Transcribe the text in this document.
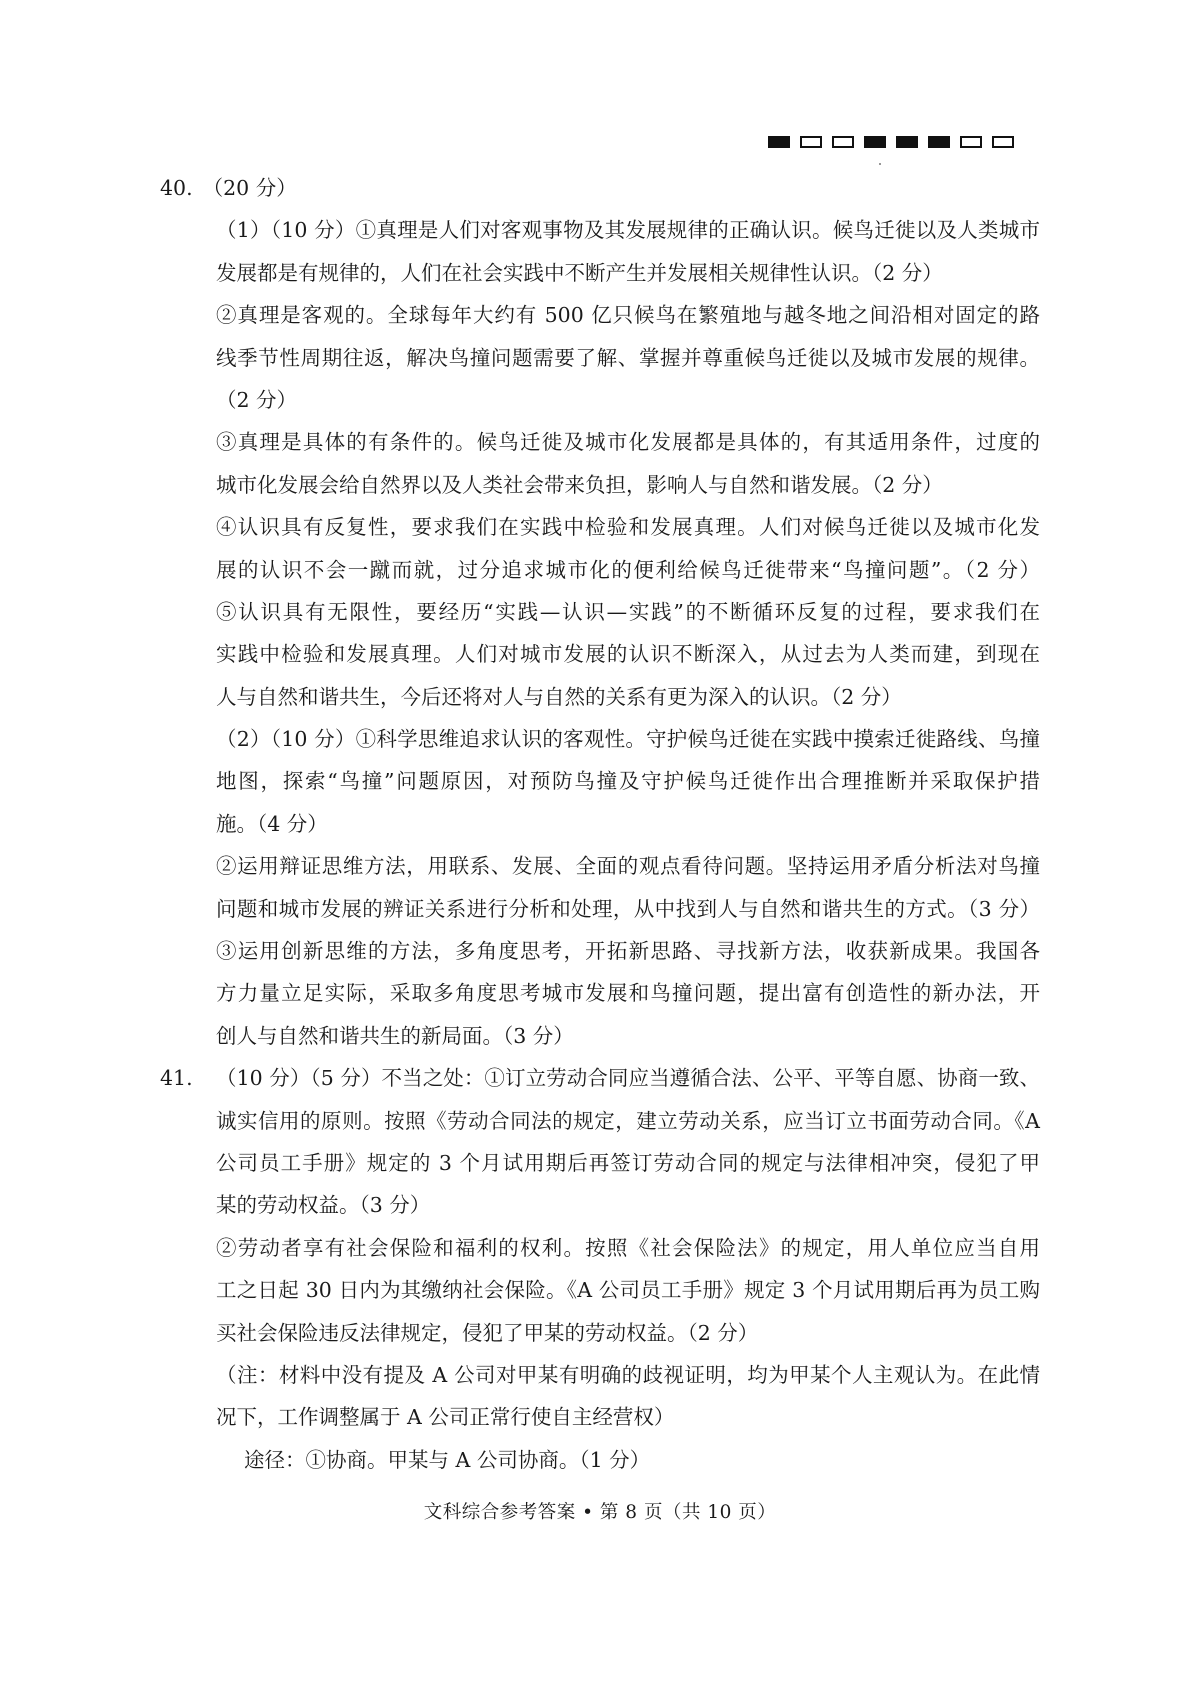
40. （20 分）
（1）（10 分）①真理是人们对客观事物及其发展规律的正确认识。候鸟迁徙以及人类城市
发展都是有规律的，人们在社会实践中不断产生并发展相关规律性认识。（2 分）
②真理是客观的。全球每年大约有 500 亿只候鸟在繁殖地与越冬地之间沿相对固定的路
线季节性周期往返，解决鸟撞问题需要了解、掌握并尊重候鸟迁徙以及城市发展的规律。
（2 分）
③真理是具体的有条件的。候鸟迁徙及城市化发展都是具体的，有其适用条件，过度的
城市化发展会给自然界以及人类社会带来负担，影响人与自然和谐发展。（2 分）
④认识具有反复性，要求我们在实践中检验和发展真理。人们对候鸟迁徙以及城市化发
展的认识不会一蹴而就，过分追求城市化的便利给候鸟迁徙带来“鸟撞问题”。（2 分）
⑤认识具有无限性，要经历“实践—认识—实践”的不断循环反复的过程，要求我们在
实践中检验和发展真理。人们对城市发展的认识不断深入，从过去为人类而建，到现在
人与自然和谐共生，今后还将对人与自然的关系有更为深入的认识。（2 分）
（2）（10 分）①科学思维追求认识的客观性。守护候鸟迁徙在实践中摸索迁徙路线、鸟撞
地图，探索“鸟撞”问题原因，对预防鸟撞及守护候鸟迁徙作出合理推断并采取保护措
施。（4 分）
②运用辩证思维方法，用联系、发展、全面的观点看待问题。坚持运用矛盾分析法对鸟撞
问题和城市发展的辨证关系进行分析和处理，从中找到人与自然和谐共生的方式。（3 分）
③运用创新思维的方法，多角度思考，开拓新思路、寻找新方法，收获新成果。我国各
方力量立足实际，采取多角度思考城市发展和鸟撞问题，提出富有创造性的新办法，开
创人与自然和谐共生的新局面。（3 分）
41. （10 分）（5 分）不当之处：①订立劳动合同应当遵循合法、公平、平等自愿、协商一致、
诚实信用的原则。按照《劳动合同法的规定，建立劳动关系，应当订立书面劳动合同。《A
公司员工手册》规定的 3 个月试用期后再签订劳动合同的规定与法律相冲突，侵犯了甲
某的劳动权益。（3 分）
②劳动者享有社会保险和福利的权利。按照《社会保险法》的规定，用人单位应当自用
工之日起 30 日内为其缴纳社会保险。《A 公司员工手册》规定 3 个月试用期后再为员工购
买社会保险违反法律规定，侵犯了甲某的劳动权益。（2 分）
（注：材料中没有提及 A 公司对甲某有明确的歧视证明，均为甲某个人主观认为。在此情
况下，工作调整属于 A 公司正常行使自主经营权）
途径：①协商。甲某与 A 公司协商。（1 分）
文科综合参考答案 • 第 8 页（共 10 页）
